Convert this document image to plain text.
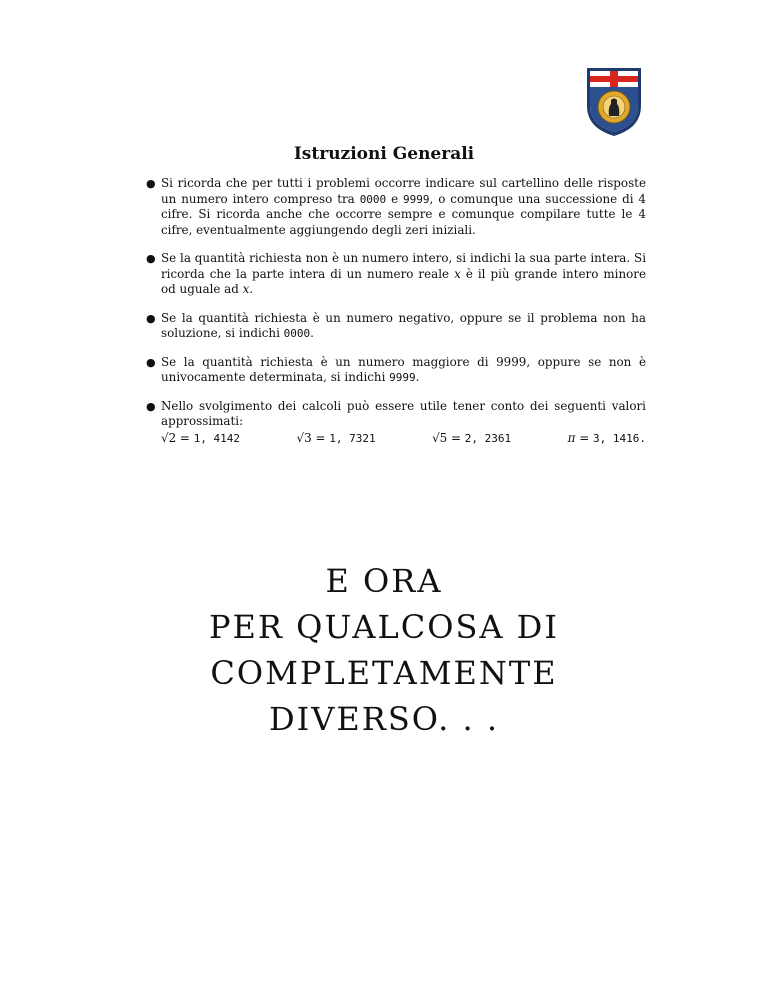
Istruzioni Generali
● Si ricorda che per tutti i problemi occorre indicare sul cartellino delle risposte un numero intero compreso tra 0000 e 9999, o comunque una successione di 4 cifre. Si ricorda anche che occorre sempre e comunque compilare tutte le 4 cifre, eventualmente aggiungendo degli zeri iniziali.
● Se la quantità richiesta non è un numero intero, si indichi la sua parte intera. Si ricorda che la parte intera di un numero reale x è il più grande intero minore od uguale ad x.
● Se la quantità richiesta è un numero negativo, oppure se il problema non ha soluzione, si indichi 0000.
● Se la quantità richiesta è un numero maggiore di 9999, oppure se non è univocamente determinata, si indichi 9999.
● Nello svolgimento dei calcoli può essere utile tener conto dei seguenti valori approssimati:
√2 = 1, 4142	√3 = 1, 7321	√5 = 2, 2361	π = 3, 1416.

E ORA

PER QUALCOSA DI

COMPLETAMENTE

DIVERSO. . .
